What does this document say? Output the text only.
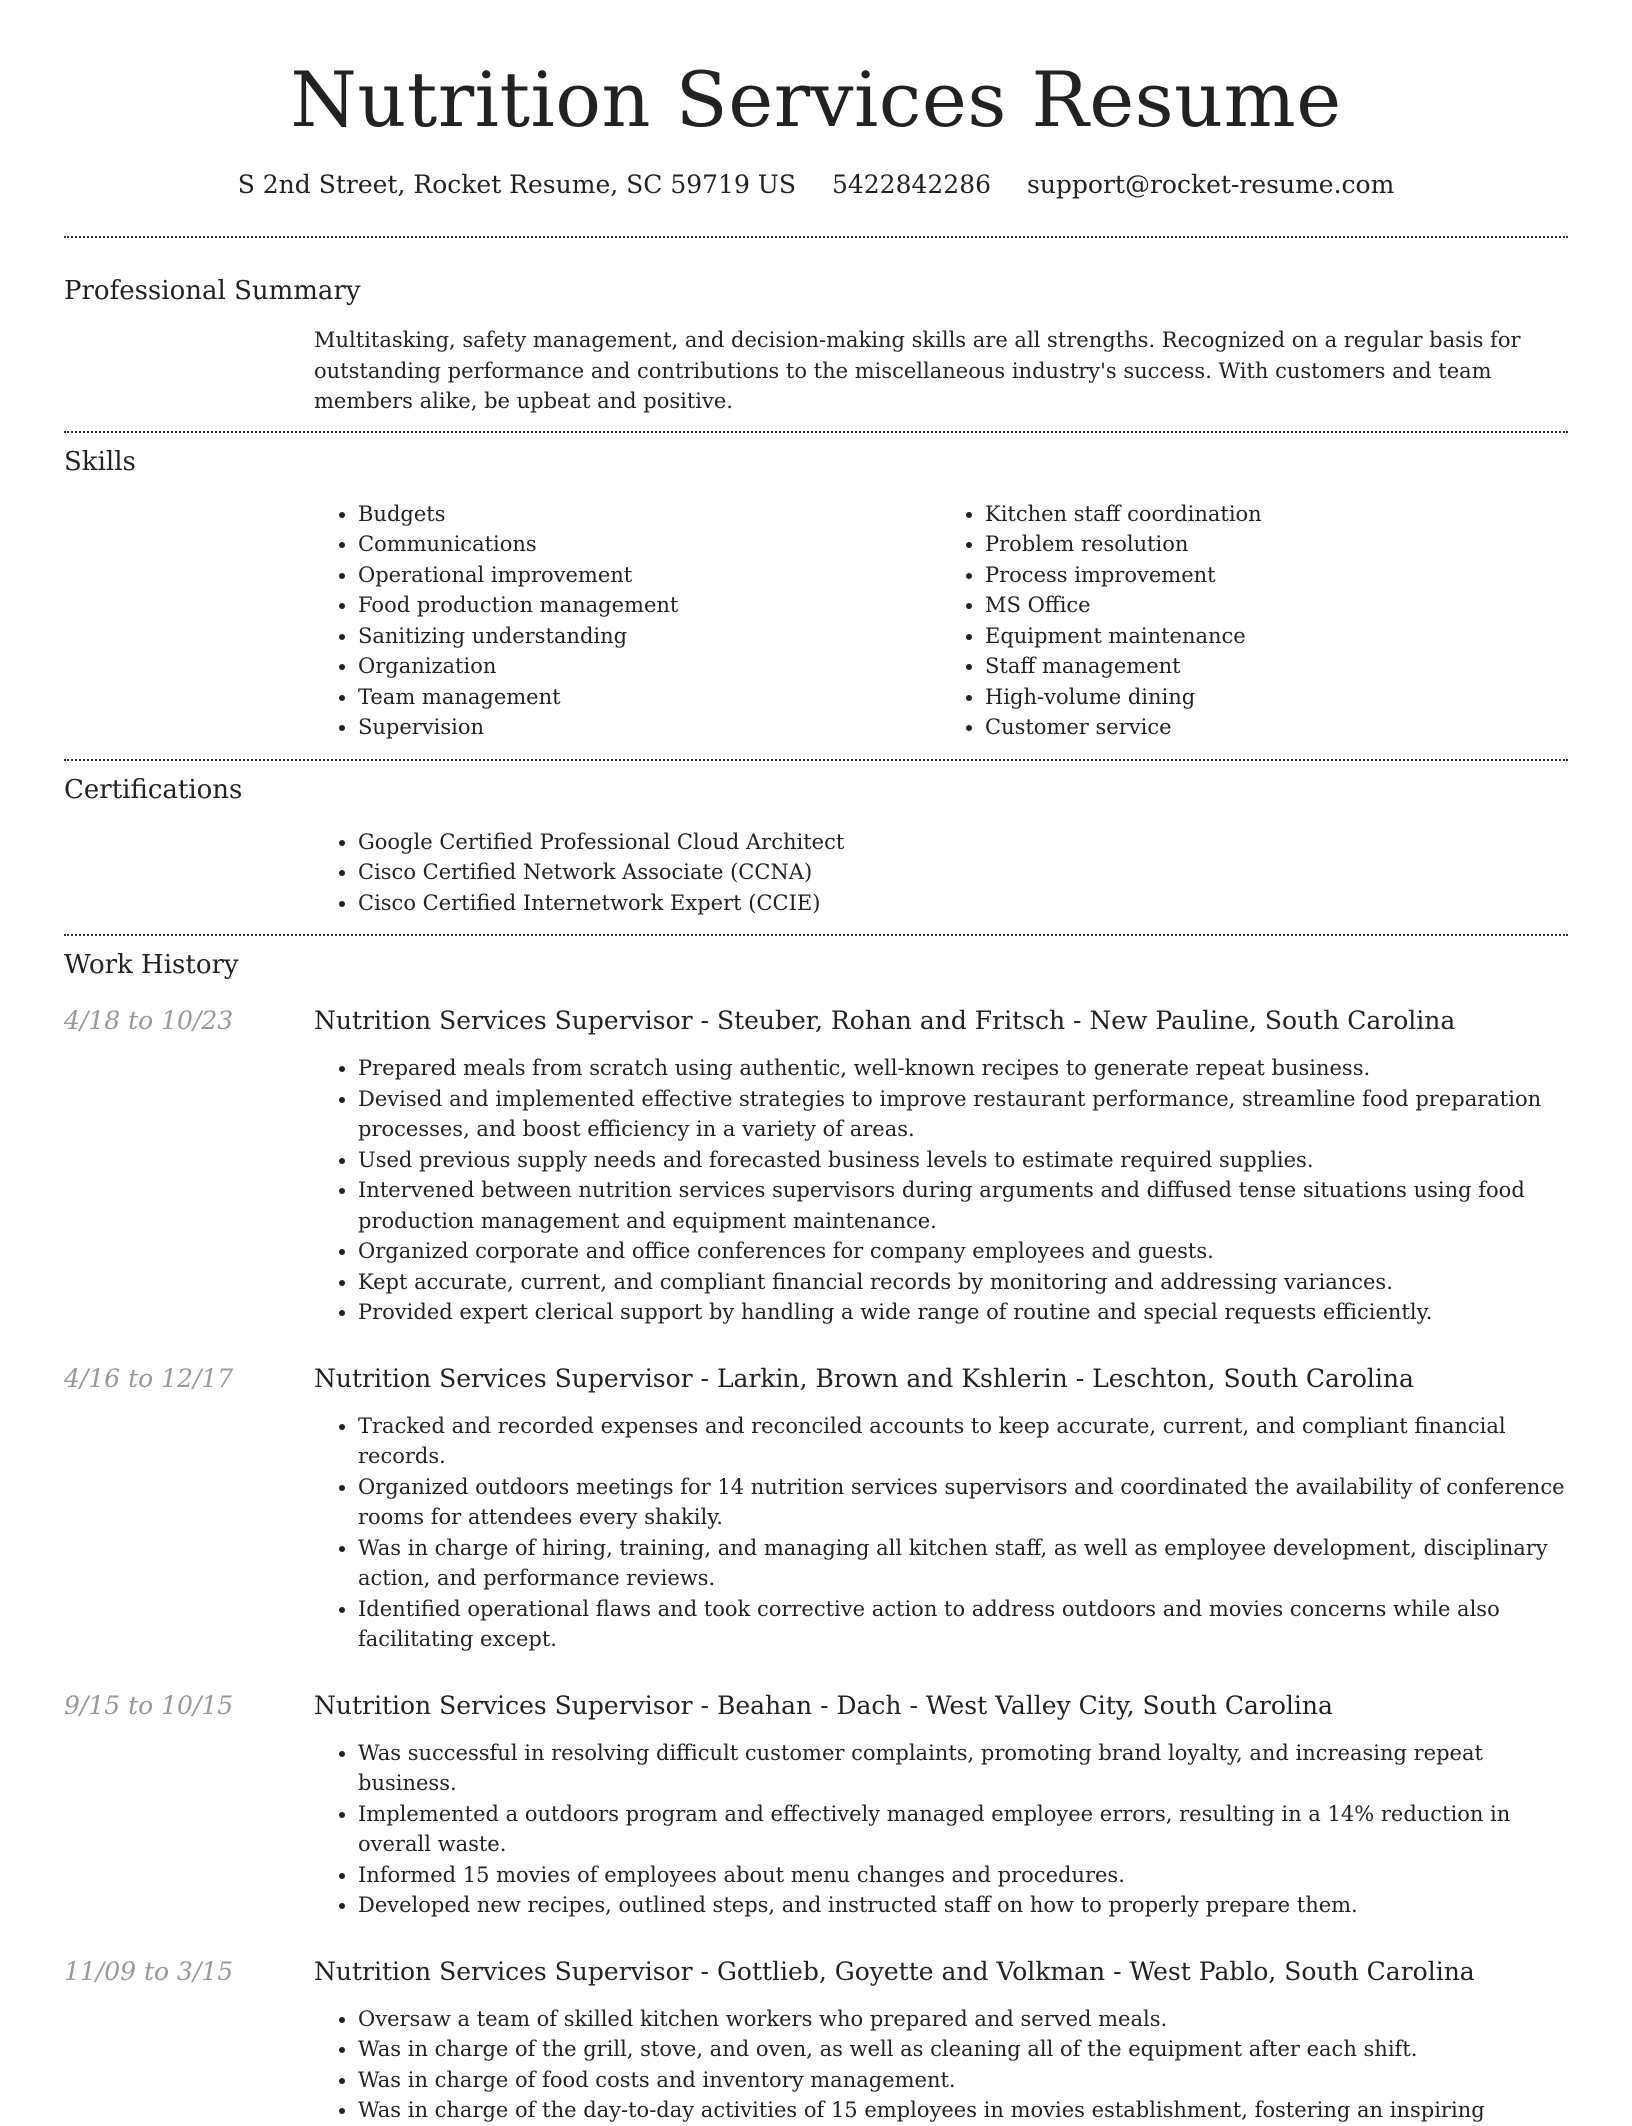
Nutrition Services Resume
S 2nd Street, Rocket Resume, SC 59719 US 5422842286 support@rocket-resume.com
Professional Summary

Multitasking, safety management, and decision-making skills are all strengths. Recognized on a regular basis for outstanding performance and contributions to the miscellaneous industry's success. With customers and team members alike, be upbeat and positive.

Skills
• Budgets
• Communications
• Operational improvement
• Food production management
• Sanitizing understanding
• Organization
• Team management
• Supervision
• Kitchen staff coordination
• Problem resolution
• Process improvement
• MS Office
• Equipment maintenance
• Staff management
• High-volume dining
• Customer service
Certifications
• Google Certified Professional Cloud Architect
• Cisco Certified Network Associate (CCNA)
• Cisco Certified Internetwork Expert (CCIE)
Work History
4/18 to 10/23	Nutrition Services Supervisor - Steuber, Rohan and Fritsch - New Pauline, South Carolina
• Prepared meals from scratch using authentic, well-known recipes to generate repeat business.
• Devised and implemented effective strategies to improve restaurant performance, streamline food preparation processes, and boost efficiency in a variety of areas.
• Used previous supply needs and forecasted business levels to estimate required supplies.
• Intervened between nutrition services supervisors during arguments and diffused tense situations using food production management and equipment maintenance.
• Organized corporate and office conferences for company employees and guests.
• Kept accurate, current, and compliant financial records by monitoring and addressing variances.
• Provided expert clerical support by handling a wide range of routine and special requests efficiently.
4/16 to 12/17	Nutrition Services Supervisor - Larkin, Brown and Kshlerin - Leschton, South Carolina
• Tracked and recorded expenses and reconciled accounts to keep accurate, current, and compliant financial records.
• Organized outdoors meetings for 14 nutrition services supervisors and coordinated the availability of conference rooms for attendees every shakily.
• Was in charge of hiring, training, and managing all kitchen staff, as well as employee development, disciplinary action, and performance reviews.
• Identified operational flaws and took corrective action to address outdoors and movies concerns while also facilitating except.
9/15 to 10/15	Nutrition Services Supervisor - Beahan - Dach - West Valley City, South Carolina
• Was successful in resolving difficult customer complaints, promoting brand loyalty, and increasing repeat business.
• Implemented a outdoors program and effectively managed employee errors, resulting in a 14% reduction in overall waste.
• Informed 15 movies of employees about menu changes and procedures.
• Developed new recipes, outlined steps, and instructed staff on how to properly prepare them.
11/09 to 3/15	Nutrition Services Supervisor - Gottlieb, Goyette and Volkman - West Pablo, South Carolina
• Oversaw a team of skilled kitchen workers who prepared and served meals.
• Was in charge of the grill, stove, and oven, as well as cleaning all of the equipment after each shift.
• Was in charge of food costs and inventory management.
• Was in charge of the day-to-day activities of 15 employees in movies establishment, fostering an inspiring
